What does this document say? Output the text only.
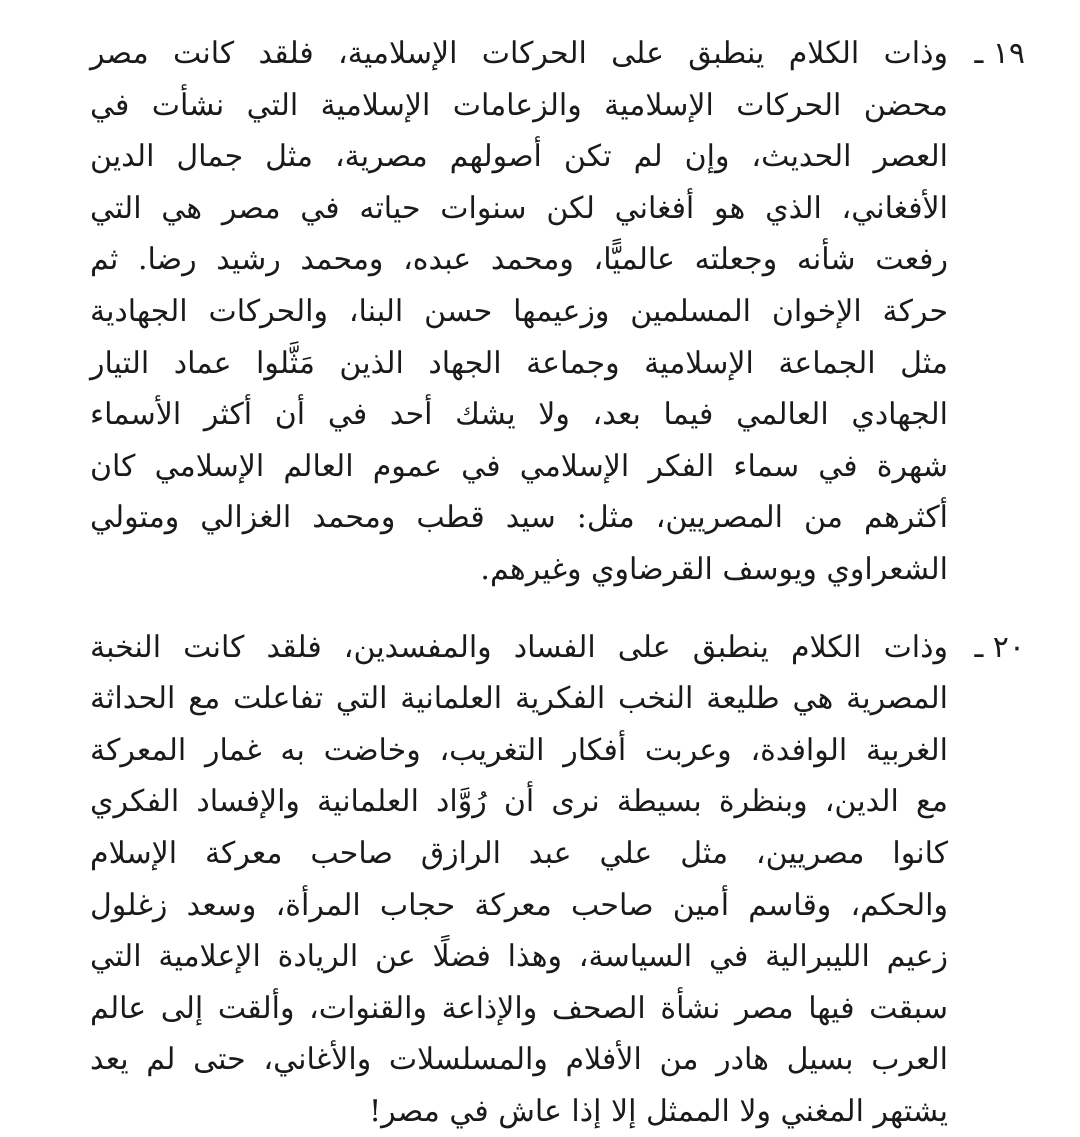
١٩ ـ
وذات الكلام ينطبق على الحركات الإسلامية، فلقد كانت مصر
محضن الحركات الإسلامية والزعامات الإسلامية التي نشأت في
العصر الحديث، وإن لم تكن أصولهم مصرية، مثل جمال الدين
الأفغاني، الذي هو أفغاني لكن سنوات حياته في مصر هي التي
رفعت شأنه وجعلته عالميًّا، ومحمد عبده، ومحمد رشيد رضا. ثم
حركة الإخوان المسلمين وزعيمها حسن البنا، والحركات الجهادية
مثل الجماعة الإسلامية وجماعة الجهاد الذين مَثَّلوا عماد التيار
الجهادي العالمي فيما بعد، ولا يشك أحد في أن أكثر الأسماء
شهرة في سماء الفكر الإسلامي في عموم العالم الإسلامي كان
أكثرهم من المصريين، مثل: سيد قطب ومحمد الغزالي ومتولي
الشعراوي ويوسف القرضاوي وغيرهم.
٢٠ ـ
وذات الكلام ينطبق على الفساد والمفسدين، فلقد كانت النخبة
المصرية هي طليعة النخب الفكرية العلمانية التي تفاعلت مع الحداثة
الغربية الوافدة، وعربت أفكار التغريب، وخاضت به غمار المعركة
مع الدين، وبنظرة بسيطة نرى أن رُوَّاد العلمانية والإفساد الفكري
كانوا مصريين، مثل علي عبد الرازق صاحب معركة الإسلام
والحكم، وقاسم أمين صاحب معركة حجاب المرأة، وسعد زغلول
زعيم الليبرالية في السياسة، وهذا فضلًا عن الريادة الإعلامية التي
سبقت فيها مصر نشأة الصحف والإذاعة والقنوات، وألقت إلى عالم
العرب بسيل هادر من الأفلام والمسلسلات والأغاني، حتى لم يعد
يشتهر المغني ولا الممثل إلا إذا عاش في مصر!
